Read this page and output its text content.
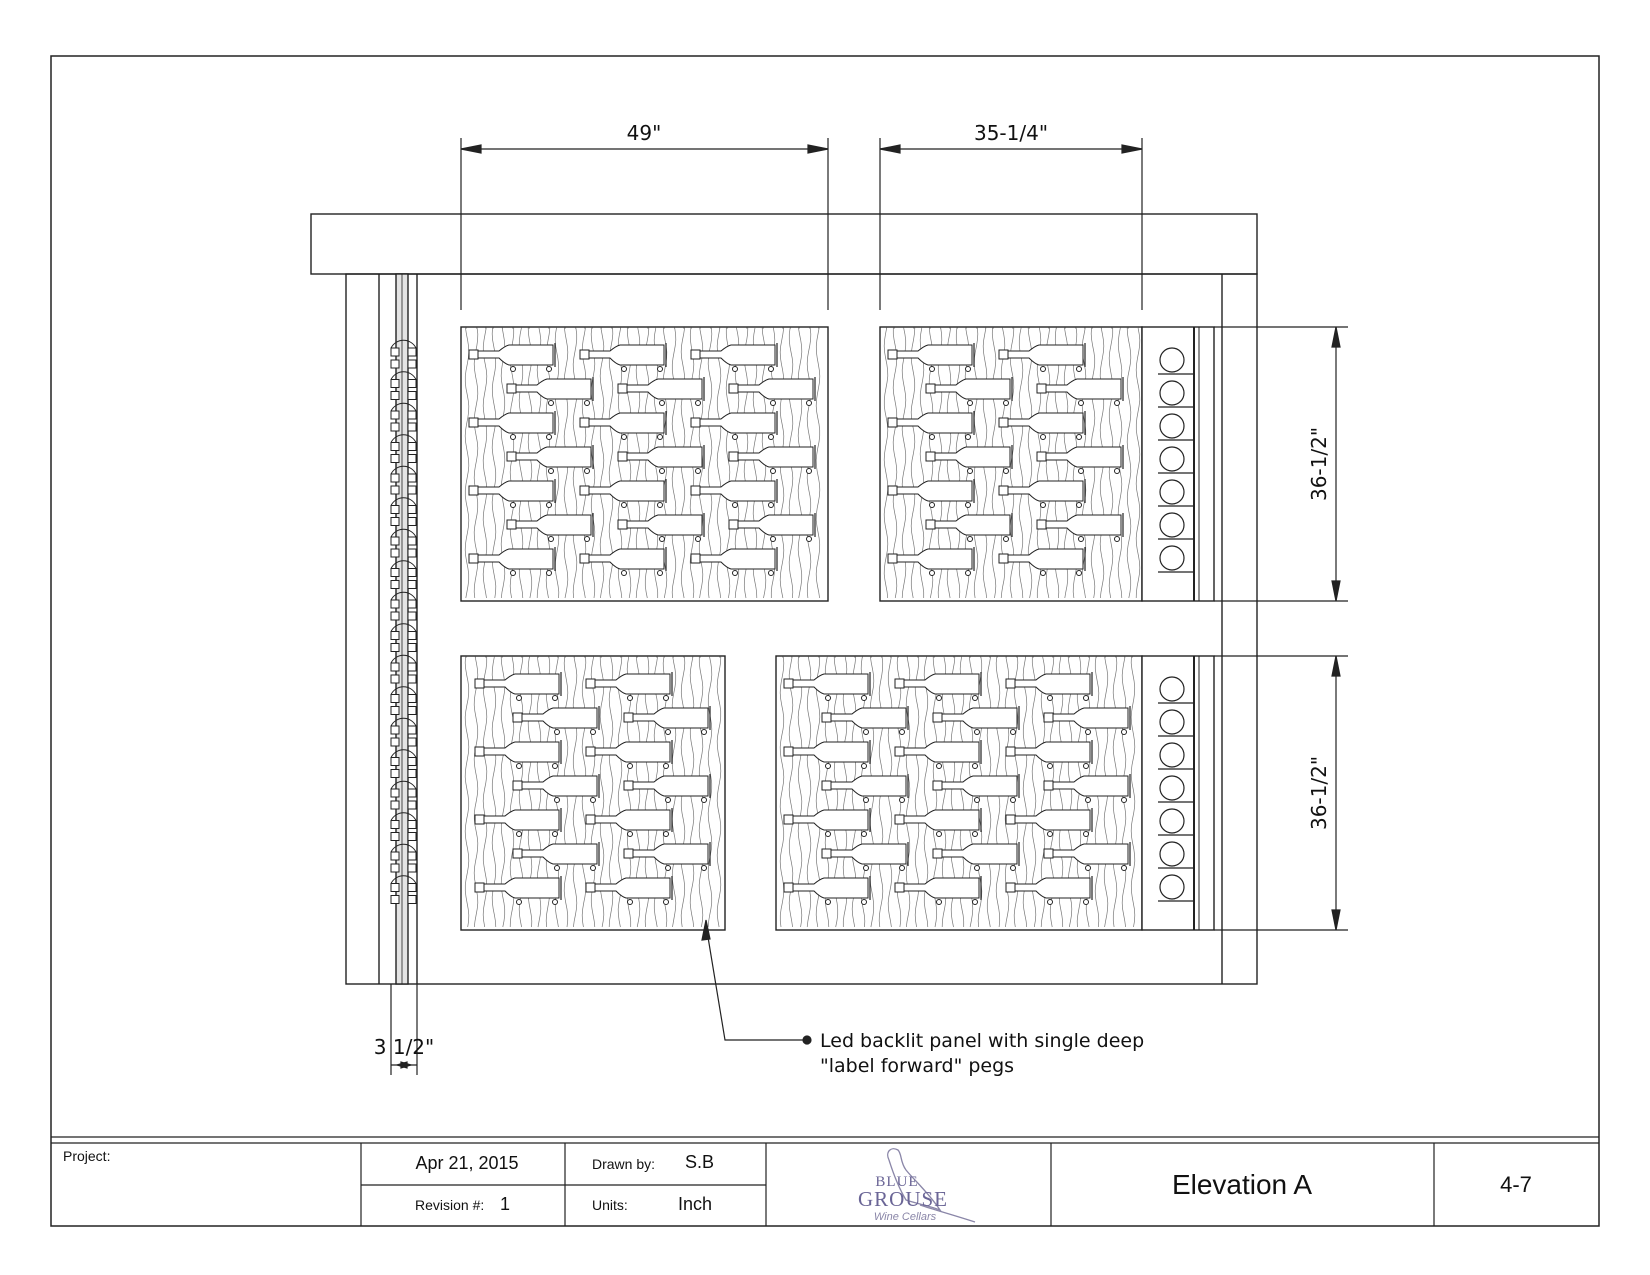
49"	35-1/4"
36-1/2"
36-1/2"
3 1/2"	Led backlit panel with single deep
"label forward" pegs
Project:	Apr 21, 2015
Revision #: 1
Drawn by: S.B
Units:	Inch
Elevation A	4-7
BLUE
GROUSE
Wine Cellars
